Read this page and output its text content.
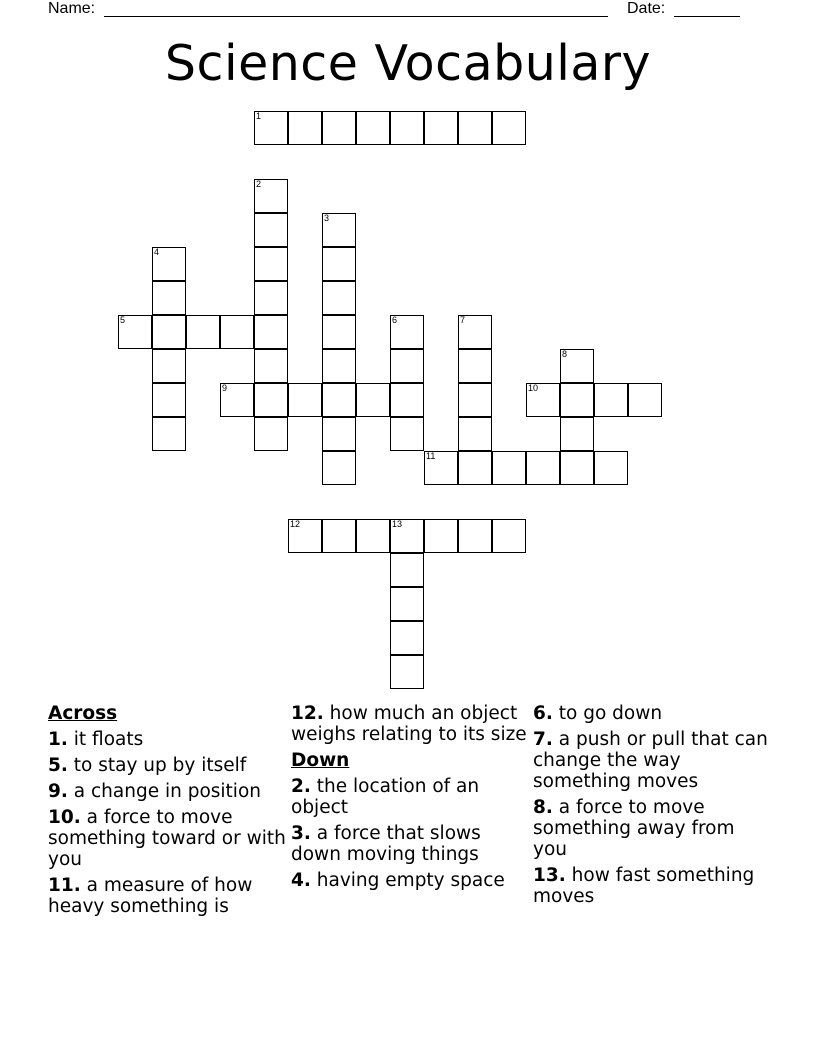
Name:	Date:
Science Vocabulary
1
2
3
4
5	6	7
8
9	10
11
12	13
Across
1. it floats
5. to stay up by itself
9. a change in position
10. a force to move something toward or with you
11. a measure of how heavy something is
12. how much an object weighs relating to its size
Down
2. the location of an object
3. a force that slows down moving things
4. having empty space
6. to go down
7. a push or pull that can change the way something moves
8. a force to move something away from you
13. how fast something moves
